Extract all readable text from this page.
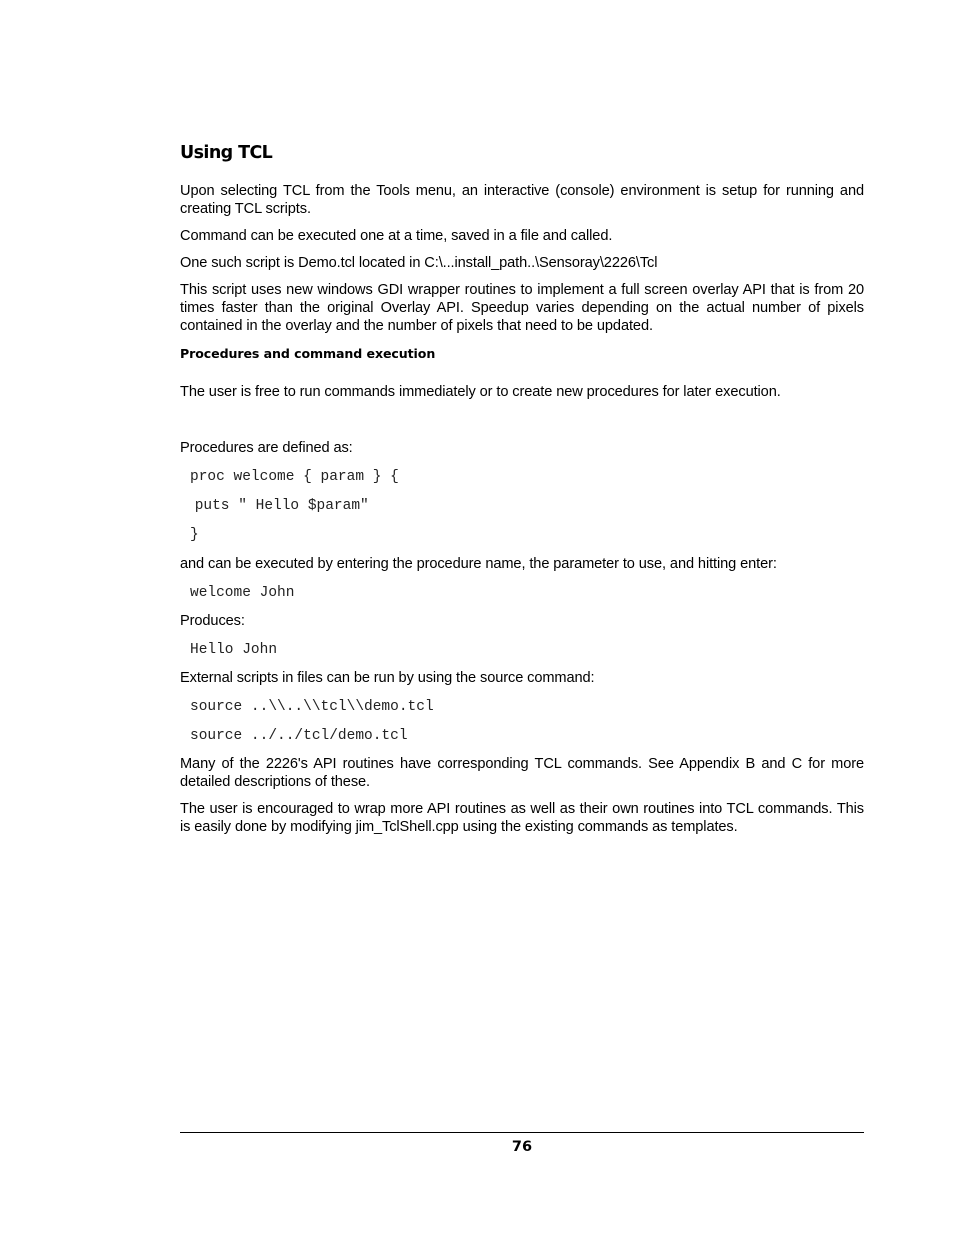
Using TCL

Upon selecting TCL from the Tools menu, an interactive (console) environment is setup for running and creating TCL scripts.

Command can be executed one at a time, saved in a file and called.

One such script is Demo.tcl located in C:\...install_path..\Sensoray\2226\Tcl

This script uses new windows GDI wrapper routines to implement a full screen overlay API that is from 20 times faster than the original Overlay API. Speedup varies depending on the actual number of pixels contained in the overlay and the number of pixels that need to be updated.

Procedures and command execution

The user is free to run commands immediately or to create new procedures for later execution.

Procedures are defined as:

proc welcome { param } {
puts " Hello $param"
}

and can be executed by entering the procedure name, the parameter to use, and hitting enter:

welcome John

Produces:

Hello John

External scripts in files can be run by using the source command:

source ..\\..\\tcl\\demo.tcl
source ../../tcl/demo.tcl

Many of the 2226's API routines have corresponding TCL commands. See Appendix B and C for more detailed descriptions of these.

The user is encouraged to wrap more API routines as well as their own routines into TCL commands. This is easily done by modifying jim_TclShell.cpp using the existing commands as templates.

76
